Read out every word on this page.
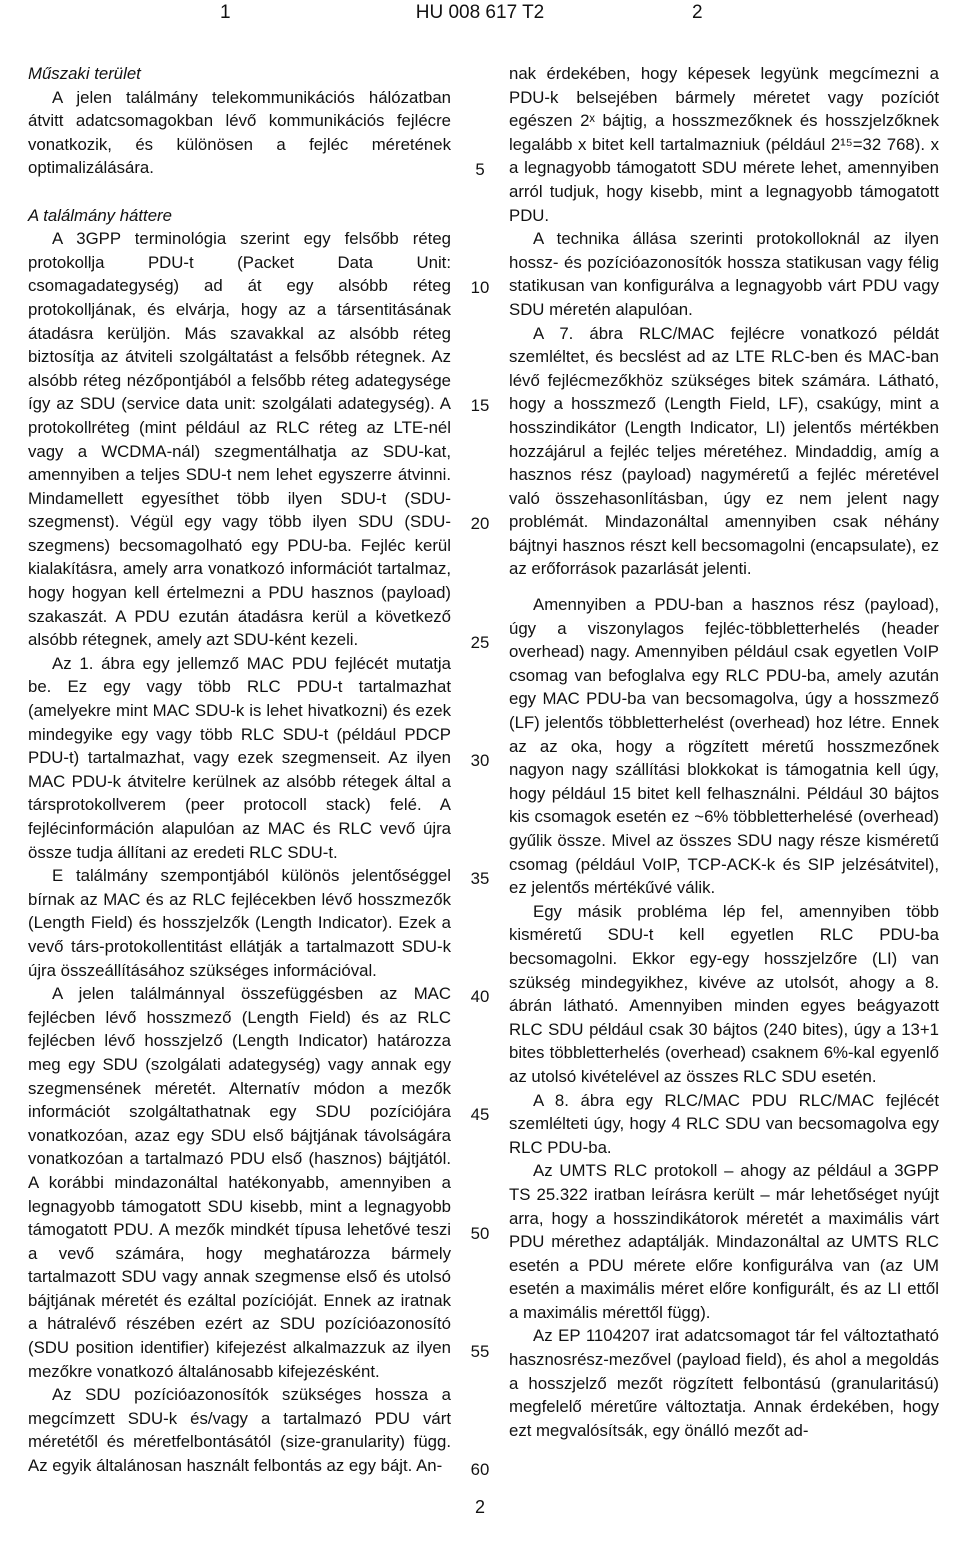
1	HU 008 617 T2	2
Műszaki terület

A jelen találmány telekommunikációs hálózatban átvitt adatcsomagokban lévő kommunikációs fejlécre vonatkozik, és különösen a fejléc méretének optimalizálására.

A találmány háttere

A 3GPP terminológia szerint egy felsőbb réteg protokollja PDU-t (Packet Data Unit: csomagadategység) ad át egy alsóbb réteg protokolljának, és elvárja, hogy az a társentitásának átadásra kerüljön. Más szavakkal az alsóbb réteg biztosítja az átviteli szolgáltatást a felsőbb rétegnek. Az alsóbb réteg nézőpontjából a felsőbb réteg adategysége így az SDU (service data unit: szolgálati adategység). A protokollréteg (mint például az RLC réteg az LTE-nél vagy a WCDMA-nál) szegmentálhatja az SDU-kat, amennyiben a teljes SDU-t nem lehet egyszerre átvinni. Mindamellett egyesíthet több ilyen SDU-t (SDU-szegmenst). Végül egy vagy több ilyen SDU (SDU-szegmens) becsomagolható egy PDU-ba. Fejléc kerül kialakításra, amely arra vonatkozó információt tartalmaz, hogy hogyan kell értelmezni a PDU hasznos (payload) szakaszát. A PDU ezután átadásra kerül a következő alsóbb rétegnek, amely azt SDU-ként kezeli.

Az 1. ábra egy jellemző MAC PDU fejlécét mutatja be. Ez egy vagy több RLC PDU-t tartalmazhat (amelyekre mint MAC SDU-k is lehet hivatkozni) és ezek mindegyike egy vagy több RLC SDU-t (például PDCP PDU-t) tartalmazhat, vagy ezek szegmenseit. Az ilyen MAC PDU-k átvitelre kerülnek az alsóbb rétegek által a társprotokollverem (peer protocoll stack) felé. A fejlécinformáción alapulóan az MAC és RLC vevő újra össze tudja állítani az eredeti RLC SDU-t.

E találmány szempontjából különös jelentőséggel bírnak az MAC és az RLC fejlécekben lévő hosszmezők (Length Field) és hosszjelzők (Length Indicator). Ezek a vevő társ-protokollentitást ellátják a tartalmazott SDU-k újra összeállításához szükséges információval.

A jelen találmánnyal összefüggésben az MAC fejlécben lévő hosszmező (Length Field) és az RLC fejlécben lévő hosszjelző (Length Indicator) határozza meg egy SDU (szolgálati adategység) vagy annak egy szegmensének méretét. Alternatív módon a mezők információt szolgáltathatnak egy SDU pozíciójára vonatkozóan, azaz egy SDU első bájtjának távolságára vonatkozóan a tartalmazó PDU első (hasznos) bájtjától. A korábbi mindazonáltal hatékonyabb, amennyiben a legnagyobb támogatott SDU kisebb, mint a legnagyobb támogatott PDU. A mezők mindkét típusa lehetővé teszi a vevő számára, hogy meghatározza bármely tartalmazott SDU vagy annak szegmense első és utolsó bájtjának méretét és ezáltal pozícióját. Ennek az iratnak a hátralévő részében ezért az SDU pozícióazonosító (SDU position identifier) kifejezést alkalmazzuk az ilyen mezőkre vonatkozó általánosabb kifejezésként.

Az SDU pozícióazonosítók szükséges hossza a megcímzett SDU-k és/vagy a tartalmazó PDU várt méretétől és méretfelbontásától (size-granularity) függ. Az egyik általánosan használt felbontás az egy bájt. An-

5
10
15
20
25
30
35
40
45
50
55
60

nak érdekében, hogy képesek legyünk megcímezni a PDU-k belsejében bármely méretet vagy pozíciót egészen 2ˣ bájtig, a hosszmezőknek és hosszjelzőknek legalább x bitet kell tartalmazniuk (például 2¹⁵=32 768). x a legnagyobb támogatott SDU mérete lehet, amennyiben arról tudjuk, hogy kisebb, mint a legnagyobb támogatott PDU.

A technika állása szerinti protokolloknál az ilyen hossz- és pozícióazonosítók hossza statikusan vagy félig statikusan van konfigurálva a legnagyobb várt PDU vagy SDU méretén alapulóan.

A 7. ábra RLC/MAC fejlécre vonatkozó példát szemléltet, és becslést ad az LTE RLC-ben és MAC-ban lévő fejlécmezőkhöz szükséges bitek számára. Látható, hogy a hosszmező (Length Field, LF), csakúgy, mint a hosszindikátor (Length Indicator, LI) jelentős mértékben hozzájárul a fejléc teljes méretéhez. Mindaddig, amíg a hasznos rész (payload) nagyméretű a fejléc méretével való összehasonlításban, úgy ez nem jelent nagy problémát. Mindazonáltal amennyiben csak néhány bájtnyi hasznos részt kell becsomagolni (encapsulate), ez az erőforrások pazarlását jelenti.

Amennyiben a PDU-ban a hasznos rész (payload), úgy a viszonylagos fejléc-többletterhelés (header overhead) nagy. Amennyiben például csak egyetlen VoIP csomag van befoglalva egy RLC PDU-ba, amely azután egy MAC PDU-ba van becsomagolva, úgy a hosszmező (LF) jelentős többletterhelést (overhead) hoz létre. Ennek az az oka, hogy a rögzített méretű hosszmezőnek nagyon nagy szállítási blokkokat is támogatnia kell úgy, hogy például 15 bitet kell felhasználni. Például 30 bájtos kis csomagok esetén ez ~6% többletterhelésé (overhead) gyűlik össze. Mivel az összes SDU nagy része kisméretű csomag (például VoIP, TCP-ACK-k és SIP jelzésátvitel), ez jelentős mértékűvé válik.

Egy másik probléma lép fel, amennyiben több kisméretű SDU-t kell egyetlen RLC PDU-ba becsomagolni. Ekkor egy-egy hosszjelzőre (LI) van szükség mindegyikhez, kivéve az utolsót, ahogy a 8. ábrán látható. Amennyiben minden egyes beágyazott RLC SDU például csak 30 bájtos (240 bites), úgy a 13+1 bites többletterhelés (overhead) csaknem 6%-kal egyenlő az utolsó kivételével az összes RLC SDU esetén.

A 8. ábra egy RLC/MAC PDU RLC/MAC fejlécét szemlélteti úgy, hogy 4 RLC SDU van becsomagolva egy RLC PDU-ba.

Az UMTS RLC protokoll – ahogy az például a 3GPP TS 25.322 iratban leírásra került – már lehetőséget nyújt arra, hogy a hosszindikátorok méretét a maximális várt PDU mérethez adaptálják. Mindazonáltal az UMTS RLC esetén a PDU mérete előre konfigurálva van (az UM esetén a maximális méret előre konfigurált, és az LI ettől a maximális mérettől függ).

Az EP 1104207 irat adatcsomagot tár fel változtatható hasznosrész-mezővel (payload field), és ahol a megoldás a hosszjelző mezőt rögzített felbontású (granularitású) megfelelő méretűre változtatja. Annak érdekében, hogy ezt megvalósítsák, egy önálló mezőt ad-

2
